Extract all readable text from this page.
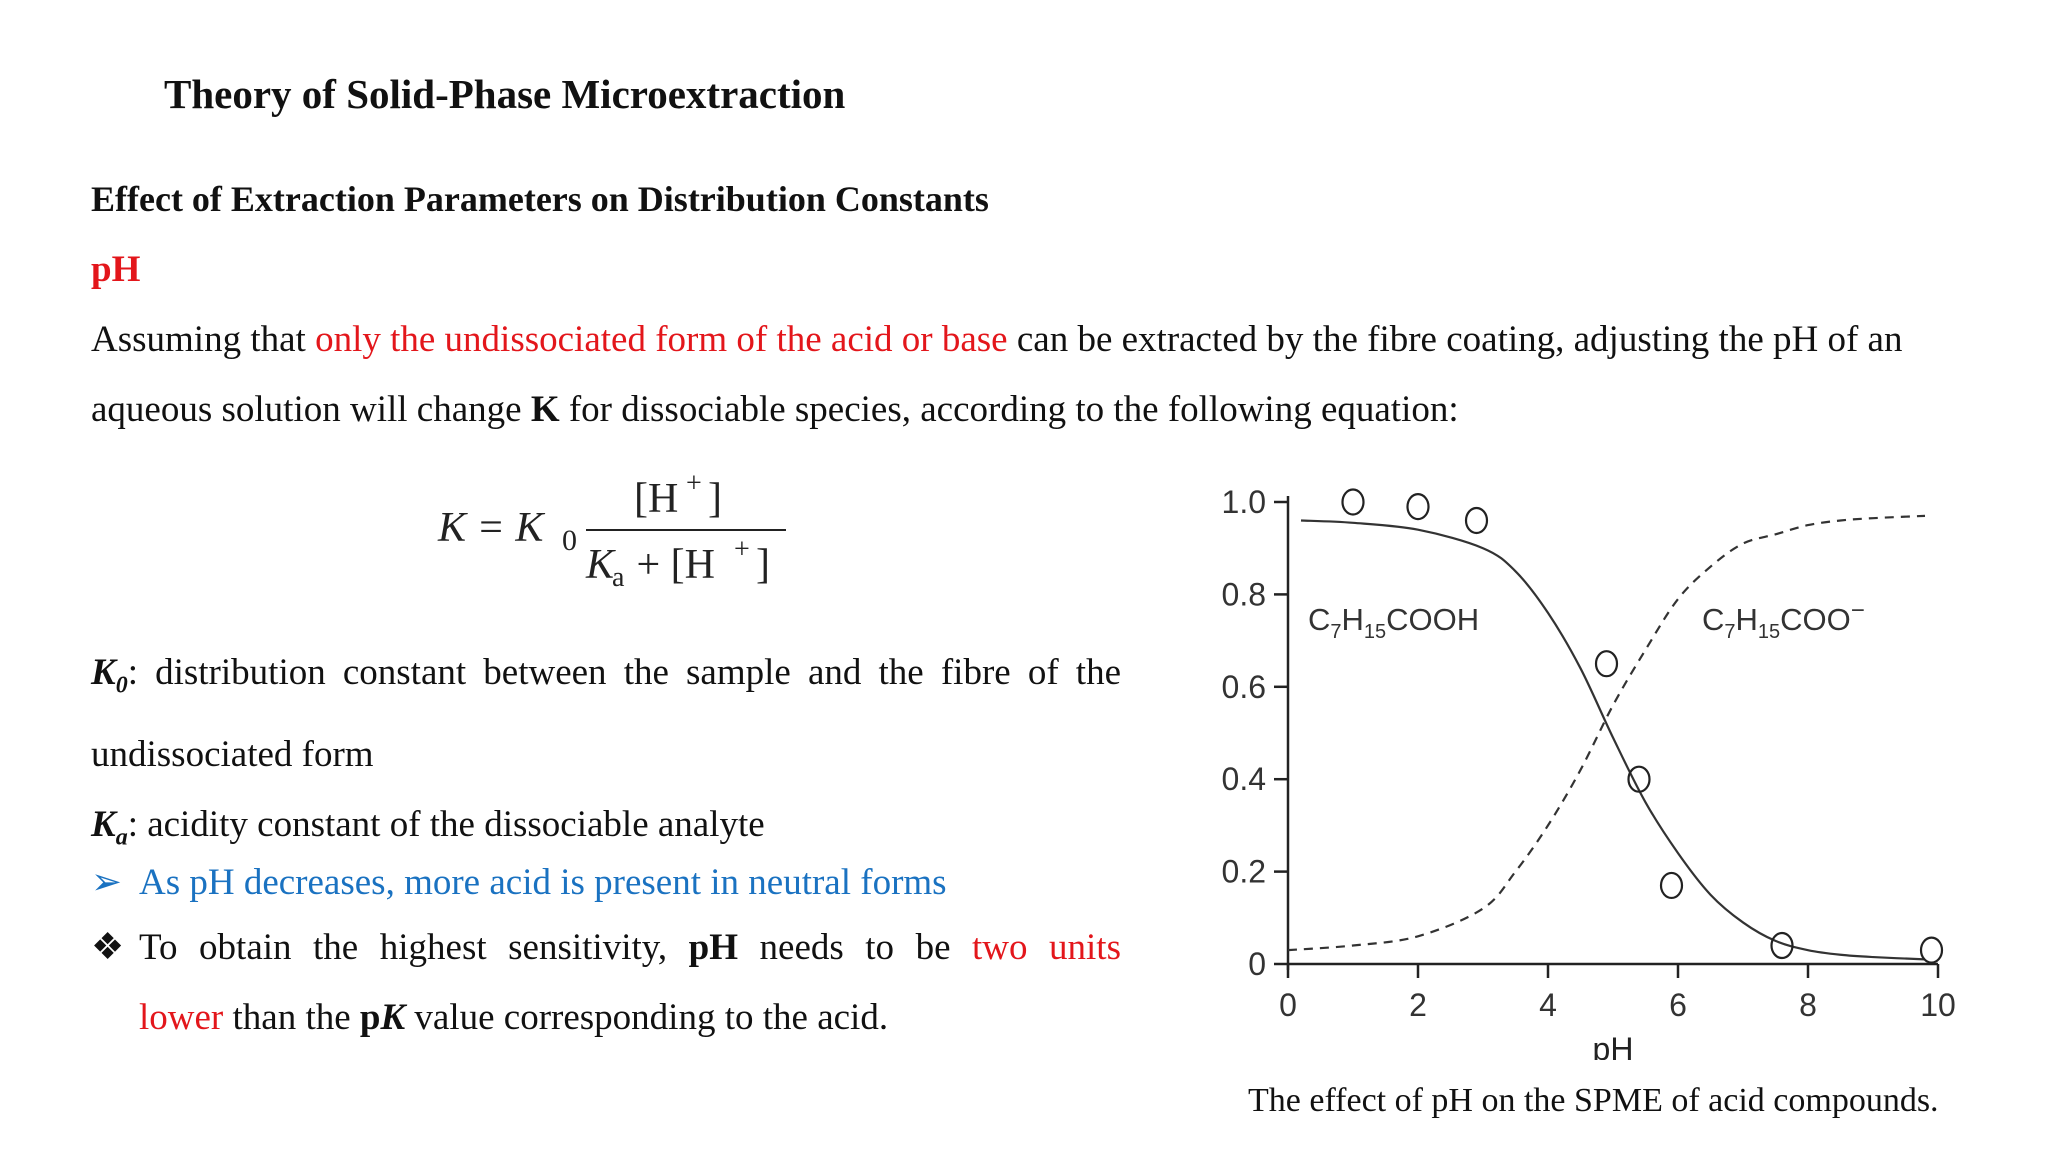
Theory of Solid-Phase Microextraction
Effect of Extraction Parameters on Distribution Constants
pH
Assuming that only the undissociated form of the acid or base can be extracted by the fibre coating, adjusting the pH of an
aqueous solution will change K for dissociable species, according to the following equation:
K = K 0
[H + ]
K
a + [H + ]
$K_0$: distribution constant between the sample and the fibre of the
undissociated form
$K_a$: acidity constant of the dissociable analyte
➢ As pH decreases, more acid is present in neutral forms
❖ To obtain the highest sensitivity, pH needs to be two units
lower than the pK value corresponding to the acid.
0
0.2
0.4
0.6
0.8
1.0
0	2	4	6	8	10
$C_7H_{15}COOH$	$C_7H_{15}COO^-$
pH
The effect of pH on the SPME of acid compounds.
